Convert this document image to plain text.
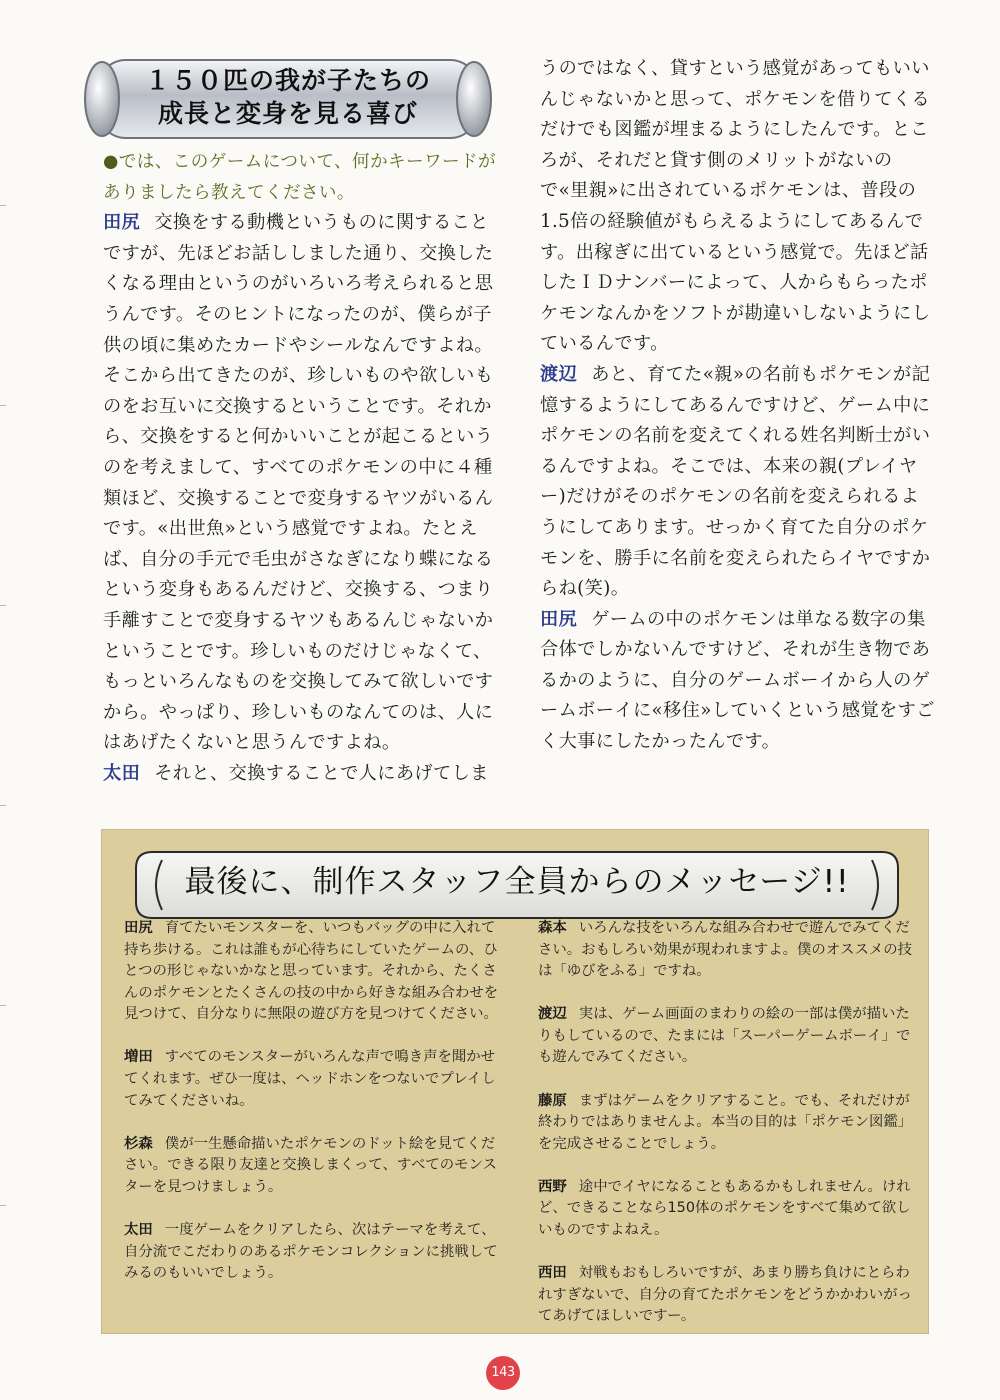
１５０匹の我が子たちの
成長と変身を見る喜び

●では、このゲームについて、何かキーワードがありましたら教えてください。

田尻 交換をする動機というものに関することですが、先ほどお話ししました通り、交換したくなる理由というのがいろいろ考えられると思うんです。そのヒントになったのが、僕らが子供の頃に集めたカードやシールなんですよね。そこから出てきたのが、珍しいものや欲しいものをお互いに交換するということです。それから、交換をすると何かいいことが起こるというのを考えまして、すべてのポケモンの中に４種類ほど、交換することで変身するヤツがいるんです。«出世魚»という感覚ですよね。たとえば、自分の手元で毛虫がさなぎになり蝶になるという変身もあるんだけど、交換する、つまり手離すことで変身するヤツもあるんじゃないかということです。珍しいものだけじゃなくて、もっといろんなものを交換してみて欲しいですから。やっぱり、珍しいものなんてのは、人にはあげたくないと思うんですよね。

太田 それと、交換することで人にあげてしま

うのではなく、貸すという感覚があってもいいんじゃないかと思って、ポケモンを借りてくるだけでも図鑑が埋まるようにしたんです。ところが、それだと貸す側のメリットがないので«里親»に出されているポケモンは、普段の1.5倍の経験値がもらえるようにしてあるんです。出稼ぎに出ているという感覚で。先ほど話したＩＤナンバーによって、人からもらったポケモンなんかをソフトが勘違いしないようにしているんです。

渡辺 あと、育てた«親»の名前もポケモンが記憶するようにしてあるんですけど、ゲーム中にポケモンの名前を変えてくれる姓名判断士がいるんですよね。そこでは、本来の親(プレイヤー)だけがそのポケモンの名前を変えられるようにしてあります。せっかく育てた自分のポケモンを、勝手に名前を変えられたらイヤですからね(笑)。

田尻 ゲームの中のポケモンは単なる数字の集合体でしかないんですけど、それが生き物であるかのように、自分のゲームボーイから人のゲームボーイに«移住»していくという感覚をすごく大事にしたかったんです。

最後に、制作スタッフ全員からのメッセージ!!
田尻 育てたいモンスターを、いつもバッグの中に入れて持ち歩ける。これは誰もが心待ちにしていたゲームの、ひとつの形じゃないかなと思っています。それから、たくさんのポケモンとたくさんの技の中から好きな組み合わせを見つけて、自分なりに無限の遊び方を見つけてください。
増田 すべてのモンスターがいろんな声で鳴き声を聞かせてくれます。ぜひ一度は、ヘッドホンをつないでプレイしてみてくださいね。
杉森 僕が一生懸命描いたポケモンのドット絵を見てください。できる限り友達と交換しまくって、すべてのモンスターを見つけましょう。
太田 一度ゲームをクリアしたら、次はテーマを考えて、自分流でこだわりのあるポケモンコレクションに挑戦してみるのもいいでしょう。
森本 いろんな技をいろんな組み合わせで遊んでみてください。おもしろい効果が現われますよ。僕のオススメの技は「ゆびをふる」ですね。
渡辺 実は、ゲーム画面のまわりの絵の一部は僕が描いたりもしているので、たまには「スーパーゲームボーイ」でも遊んでみてください。
藤原 まずはゲームをクリアすること。でも、それだけが終わりではありませんよ。本当の目的は「ポケモン図鑑」を完成させることでしょう。
西野 途中でイヤになることもあるかもしれません。けれど、できることなら150体のポケモンをすべて集めて欲しいものですよねえ。
西田 対戦もおもしろいですが、あまり勝ち負けにとらわれすぎないで、自分の育てたポケモンをどうかかわいがってあげてほしいですー。
143
